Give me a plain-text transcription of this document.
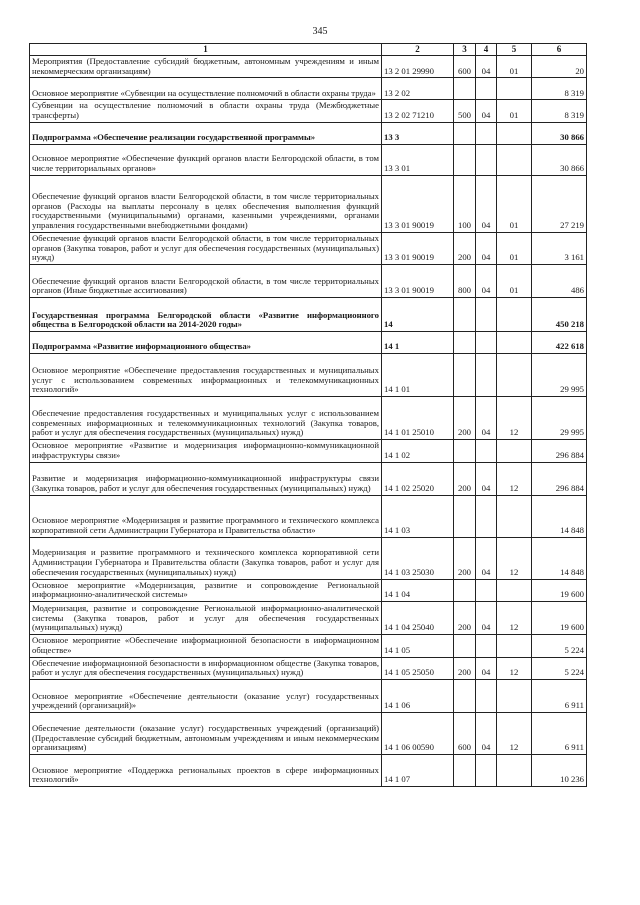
345
1	2	3	4	5	6
Мероприятия (Предоставление субсидий бюджетным, автономным учреждениям и иным некоммерческим организациям)	13 2 01 29990	600	04	01	20
Основное мероприятие «Субвенции на осуществление полномочий в области охраны труда»	13 2 02				8 319
Субвенции на осуществление полномочий в области охраны труда (Межбюджетные трансферты)	13 2 02 71210	500	04	01	8 319
Подпрограмма «Обеспечение реализации государственной программы»	13 3				30 866
Основное мероприятие «Обеспечение функций органов власти Белгородской области, в том числе территориальных органов»	13 3 01				30 866
Обеспечение функций органов власти Белгородской области, в том числе территориальных органов (Расходы на выплаты персоналу в целях обеспечения выполнения функций государственными (муниципальными) органами, казенными учреждениями, органами управления государственными внебюджетными фондами)	13 3 01 90019	100	04	01	27 219
Обеспечение функций органов власти Белгородской области, в том числе территориальных органов (Закупка товаров, работ и услуг для обеспечения государственных (муниципальных) нужд)	13 3 01 90019	200	04	01	3 161
Обеспечение функций органов власти Белгородской области, в том числе территориальных органов (Иные бюджетные ассигнования)	13 3 01 90019	800	04	01	486
Государственная программа Белгородской области «Развитие информационного общества в Белгородской области на 2014-2020 годы»	14				450 218
Подпрограмма «Развитие информационного общества»	14 1				422 618
Основное мероприятие «Обеспечение предоставления государственных и муниципальных услуг с использованием современных информационных и телекоммуникационных технологий»	14 1 01				29 995
Обеспечение предоставления государственных и муниципальных услуг с использованием современных информационных и телекоммуникационных технологий (Закупка товаров, работ и услуг для обеспечения государственных (муниципальных) нужд)	14 1 01 25010	200	04	12	29 995
Основное мероприятие «Развитие и модернизация информационно-коммуникационной инфраструктуры связи»	14 1 02				296 884
Развитие и модернизация информационно-коммуникационной инфраструктуры связи (Закупка товаров, работ и услуг для обеспечения государственных (муниципальных) нужд)	14 1 02 25020	200	04	12	296 884
Основное мероприятие «Модернизация и развитие программного и технического комплекса корпоративной сети Администрации Губернатора и Правительства области»	14 1 03				14 848
Модернизация и развитие программного и технического комплекса корпоративной сети Администрации Губернатора и Правительства области (Закупка товаров, работ и услуг для обеспечения государственных (муниципальных) нужд)	14 1 03 25030	200	04	12	14 848
Основное мероприятие «Модернизация, развитие и сопровождение Региональной информационно-аналитической системы»	14 1 04				19 600
Модернизация, развитие и сопровождение Региональной информационно-аналитической системы (Закупка товаров, работ и услуг для обеспечения государственных (муниципальных) нужд)	14 1 04 25040	200	04	12	19 600
Основное мероприятие «Обеспечение информационной безопасности в информационном обществе»	14 1 05				5 224
Обеспечение информационной безопасности в информационном обществе (Закупка товаров, работ и услуг для обеспечения государственных (муниципальных) нужд)	14 1 05 25050	200	04	12	5 224
Основное мероприятие «Обеспечение деятельности (оказание услуг) государственных учреждений (организаций)»	14 1 06				6 911
Обеспечение деятельности (оказание услуг) государственных учреждений (организаций) (Предоставление субсидий бюджетным, автономным учреждениям и иным некоммерческим организациям)	14 1 06 00590	600	04	12	6 911
Основное мероприятие «Поддержка региональных проектов в сфере информационных технологий»	14 1 07				10 236
